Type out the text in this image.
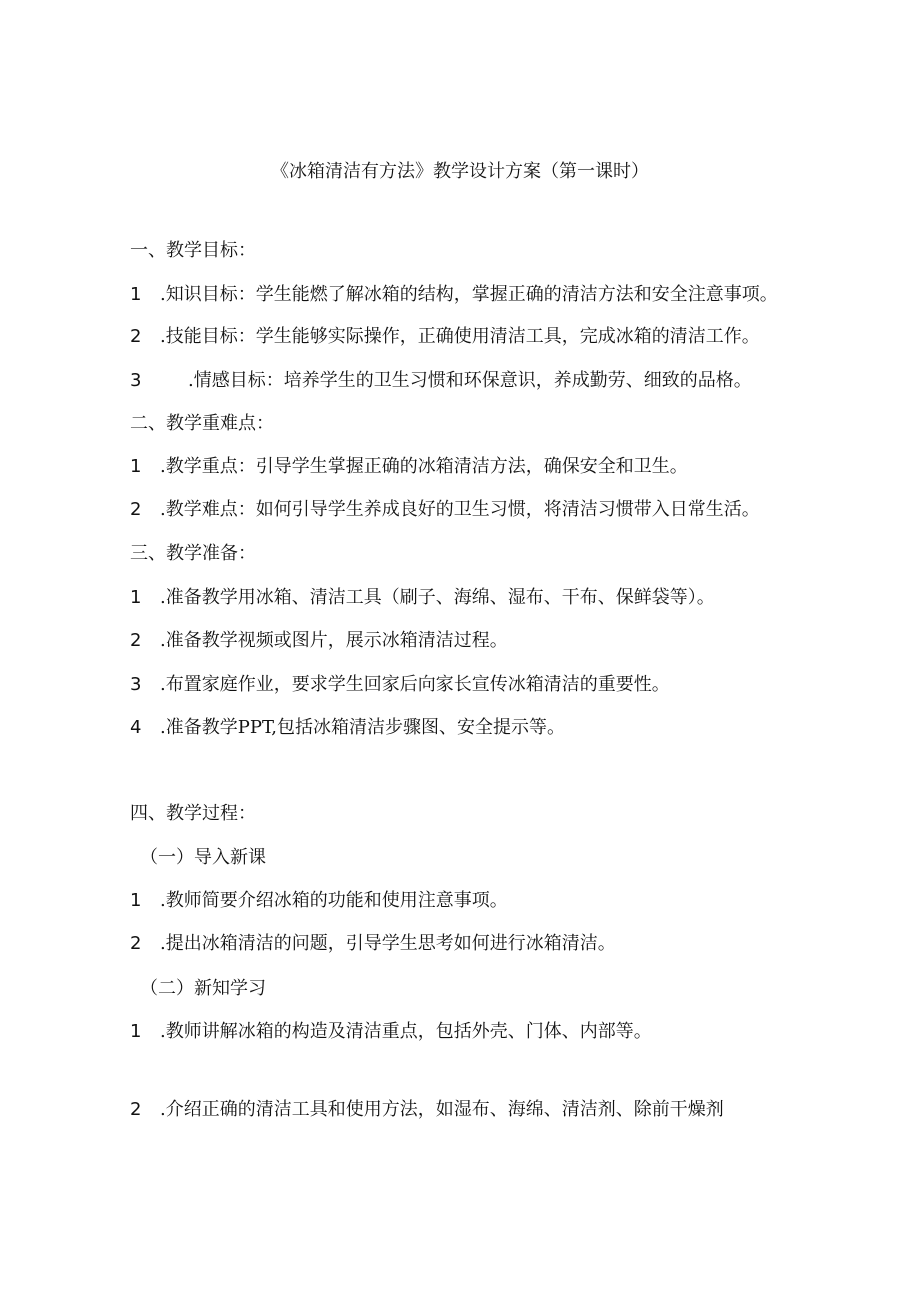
《冰箱清洁有方法》教学设计方案（第一课时）
一、教学目标：
1 .知识目标：学生能燃了解冰箱的结构，掌握正确的清洁方法和安全注意事项。
2 .技能目标：学生能够实际操作，正确使用清洁工具，完成冰箱的清洁工作。
3	.情感目标：培养学生的卫生习惯和环保意识，养成勤劳、细致的品格。
二、教学重难点：
1 .教学重点：引导学生掌握正确的冰箱清洁方法，确保安全和卫生。
2 .教学难点：如何引导学生养成良好的卫生习惯，将清洁习惯带入日常生活。
三、教学准备：
1 .准备教学用冰箱、清洁工具（刷子、海绵、湿布、干布、保鲜袋等）。
2 .准备教学视频或图片，展示冰箱清洁过程。
3 .布置家庭作业，要求学生回家后向家长宣传冰箱清洁的重要性。
4 .准备教学PPT,包括冰箱清洁步骤图、安全提示等。
四、教学过程：
（一）导入新课
1 .教师简要介绍冰箱的功能和使用注意事项。
2 .提出冰箱清洁的问题，引导学生思考如何进行冰箱清洁。
（二）新知学习
1 .教师讲解冰箱的构造及清洁重点，包括外壳、门体、内部等。
2 .介绍正确的清洁工具和使用方法，如湿布、海绵、清洁剂、除前干燥剂
